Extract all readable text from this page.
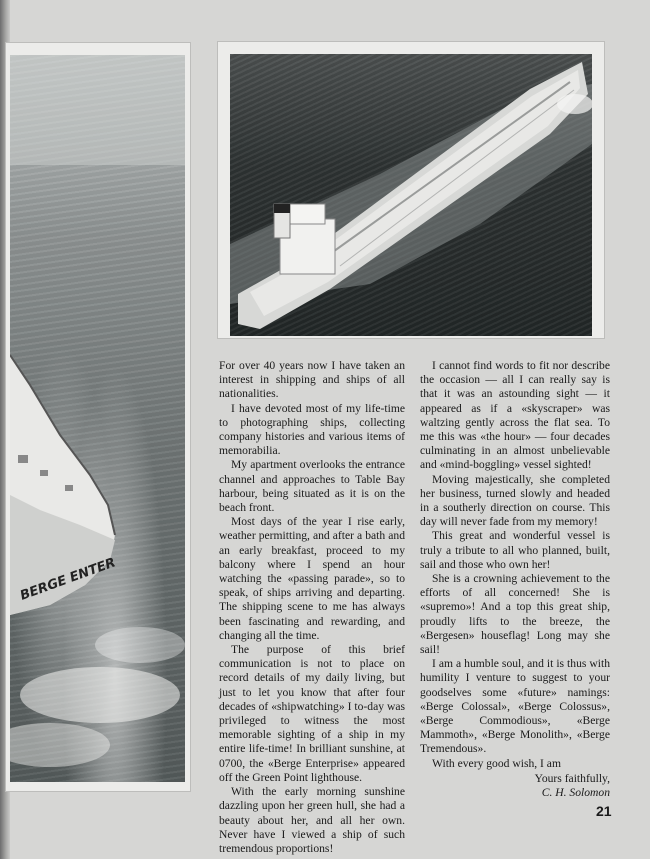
BERGE ENTER

For over 40 years now I have taken an interest in shipping and ships of all nationalities.

I have devoted most of my life-time to photographing ships, collecting company histories and various items of memorabilia.

My apartment overlooks the entrance channel and approaches to Table Bay harbour, being situated as it is on the beach front.

Most days of the year I rise early, weather permitting, and after a bath and an early breakfast, proceed to my balcony where I spend an hour watching the «passing parade», so to speak, of ships arriving and departing. The shipping scene to me has always been fascinating and rewarding, and changing all the time.

The purpose of this brief communication is not to place on record details of my daily living, but just to let you know that after four decades of «shipwatching» I to-day was privileged to witness the most memorable sighting of a ship in my entire life-time! In brilliant sunshine, at 0700, the «Berge Enterprise» appeared off the Green Point lighthouse.

With the early morning sunshine dazzling upon her green hull, she had a beauty about her, and all her own. Never have I viewed a ship of such tremendous proportions!

I cannot find words to fit nor describe the occasion — all I can really say is that it was an astounding sight — it appeared as if a «skyscraper» was waltzing gently across the flat sea. To me this was «the hour» — four decades culminating in an almost unbelievable and «mind-boggling» vessel sighted!

Moving majestically, she completed her business, turned slowly and headed in a southerly direction on course. This day will never fade from my memory!

This great and wonderful vessel is truly a tribute to all who planned, built, sail and those who own her!

She is a crowning achievement to the efforts of all concerned! She is «supremo»! And a top this great ship, proudly lifts to the breeze, the «Bergesen» houseflag! Long may she sail!

I am a humble soul, and it is thus with humility I venture to suggest to your goodselves some «future» namings: «Berge Colossal», «Berge Colossus», «Berge Commodious», «Berge Mammoth», «Berge Monolith», «Berge Tremendous».

With every good wish, I am

Yours faithfully,
C. H. Solomon
21
